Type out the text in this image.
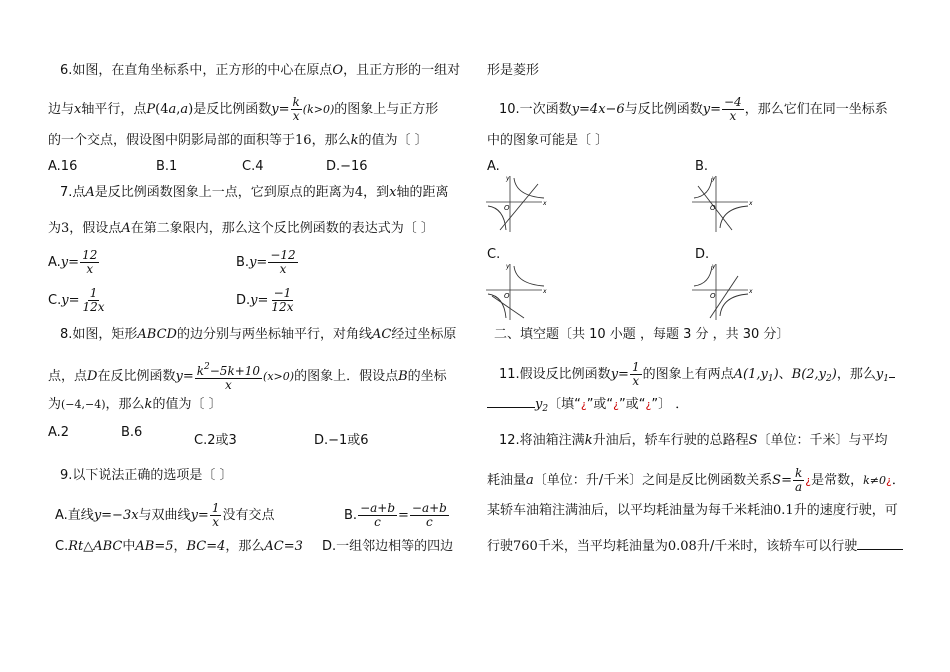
6.如图，在直角坐标系中，正方形的中心在原点O，且正方形的一组对
边与x轴平行，点P(4a,a)是反比例函数$y= \frac{k}{x} (k>0)$的图象上与正方形
的一个交点，假设图中阴影局部的面积等于16，那么k的值为〔 〕
A.16	B.1	C.4	D.−16
7.点A是反比例函数图象上一点，它到原点的距离为4，到x轴的距离
为3，假设点A在第二象限内，那么这个反比例函数的表达式为〔 〕
$A.y= \frac{12}{x}$	$B.y= \frac{-12}{x}$
$C.y= \frac{1}{12x}$	$D.y= \frac{-1}{12x}$
8.如图，矩形ABCD的边分别与两坐标轴平行，对角线AC经过坐标原
点，点D在反比例函数$y= \frac{k^2-5k+10}{x} (x>0)$的图象上．假设点B的坐标
为(−4,−4)，那么k的值为〔 〕
A.2	B.6
C.2或3	D.−1或6
9.以下说法正确的选项是〔 〕
A.直线y=−3x与双曲线$y= \frac{1}{x}$ 没有交点	B. $\frac{-a+b}{c} = \frac{-a+b}{c}$
C.Rt△ABC中AB=5，BC=4，那么AC=3 D.一组邻边相等的四边
形是菱形
10.一次函数y=4x−6与反比例函数$y= \frac{-4}{x}$ ，那么它们在同一坐标系
中的图象可能是〔 〕
A.	B.
C.	D.
x
y
O
x
y
O
x
y
O
x
y
O
二、填空题〔共 10 小题 ，每题 3 分 ，共 30 分〕
11.假设反比例函数$y= \frac{1}{x}$ 的图象上有两点$A(1,y_1)$、$B(2,y_2)$，那么$y_1$
$y_2$〔填“¿”或“¿”或“¿”〕 ．
12.将油箱注满k升油后，轿车行驶的总路程S〔单位：千米〕与平均
耗油量a〔单位：升/千米〕之间是反比例函数关系$S= \frac{k}{a}$ ¿是常数，k≠0¿．
某轿车油箱注满油后，以平均耗油量为每千米耗油0.1升的速度行驶，可
行驶760千米，当平均耗油量为0.08升/千米时，该轿车可以行驶
